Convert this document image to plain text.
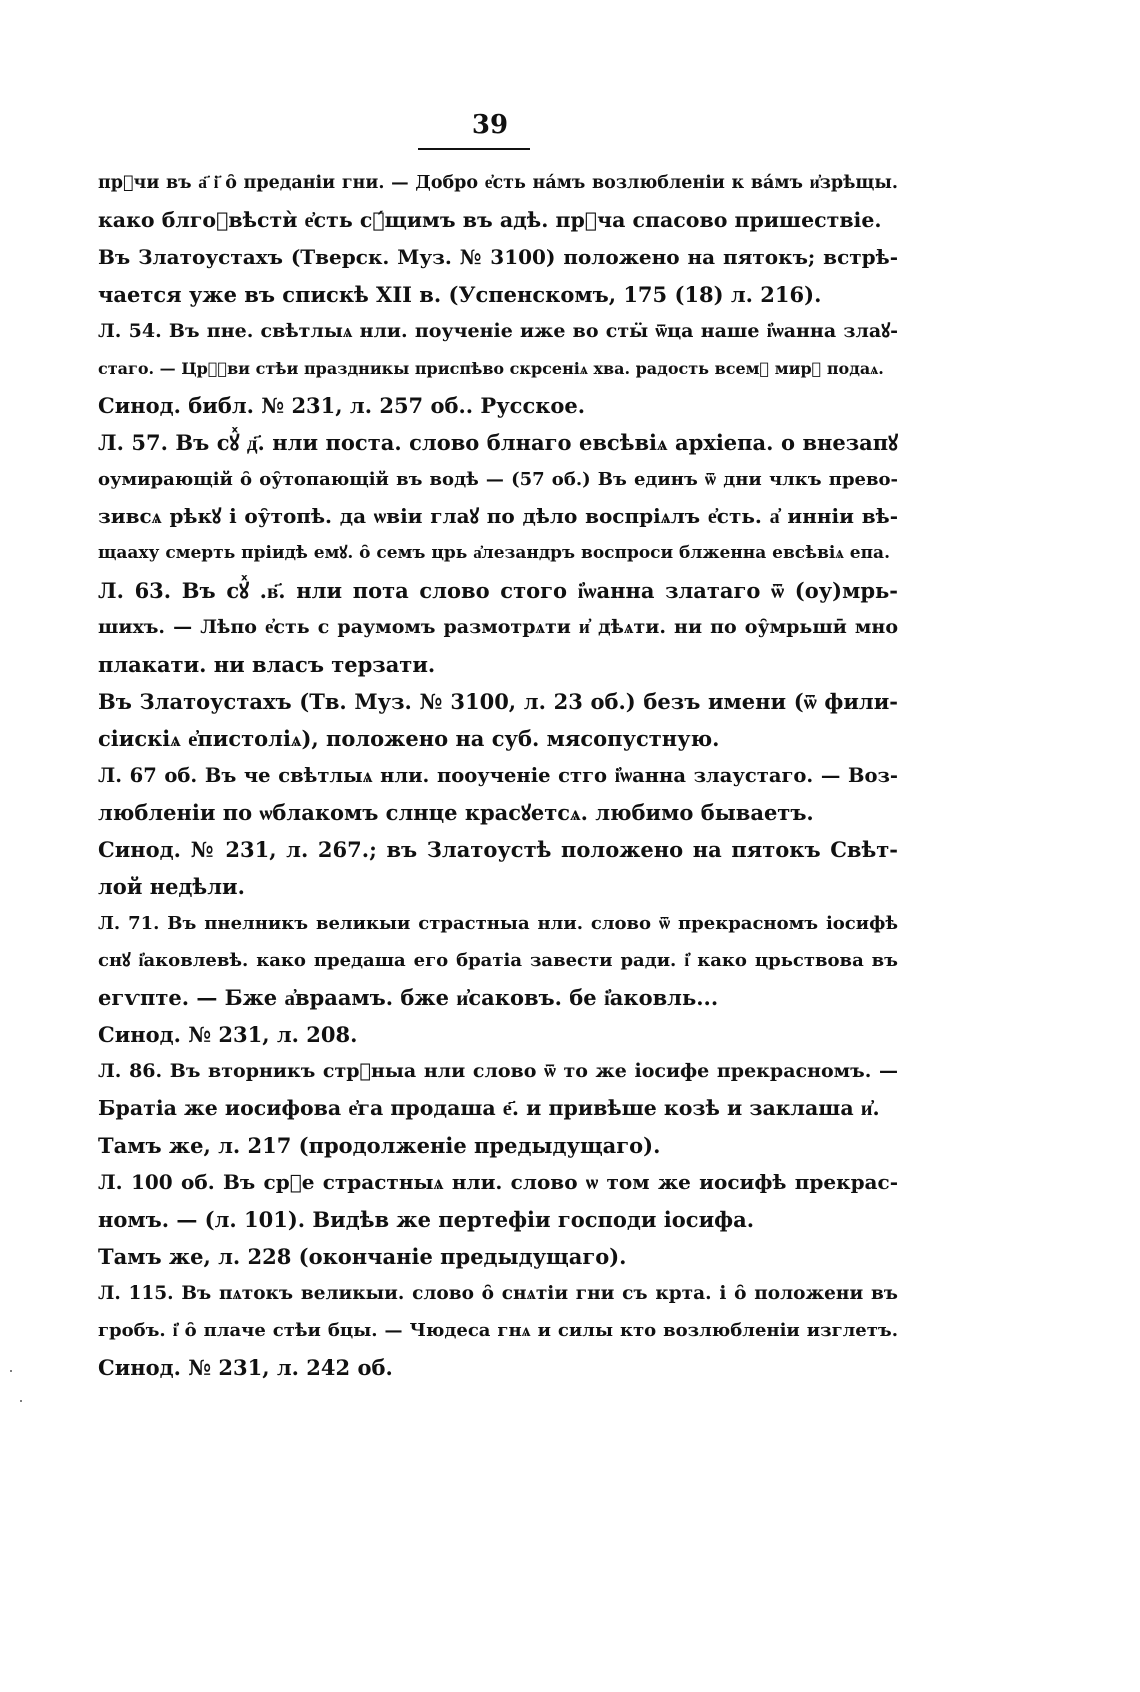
39
прⷮчи въ а҃ і҃ о̑ преданіи гни. — Добро е҆сть на́мъ возлюбленіи к ва́мъ и҆зрѣщы.
како блгоⷡвѣстѝ е҆сть сꙋ́щимъ въ адѣ. прⷮча спасово пришествіе.
Въ Златоустахъ (Тверск. Муз. № 3100) положено на пятокъ; встрѣ-
чается уже въ спискѣ XII в. (Успенскомъ, 175 (18) л. 216).
Л. 54. Въ пне. свѣтлыѧ нли. поученіе иже во стӹ ѿца наше і҆ѡанна злаꙋ-
стаго. — Црⷦ҇ви стѣи праздникы приспѣво скрсеніѧ хва. радость всемꙋ мирꙋ подаѧ.
Синод. библ. № 231, л. 257 об.. Русское.
Л. 57. Въ сꙋⷯ д҃. нли поста. слово блнаго евсѣвіѧ архіепа. о внезапꙋ
оумирающій о̑ оу̑топающій въ водѣ — (57 об.) Въ единъ ѿ дни члкъ прево-
зивсѧ рѣкꙋ і оу̑топѣ. да ѡвіи глаꙋ по дѣло воспріѧлъ е҆сть. а҆ инніи вѣ-
щааху смерть пріидѣ емꙋ. о̑ семъ црь а҆лезандръ воспроси блженна евсѣвіѧ епа.
Л. 63. Въ сꙋⷯ .в҃. нли пота слово стого і҆ѡанна златаго ѿ (оу)мрь-
шихъ. — Лѣпо е҆сть с раумомъ размотрѧти и҆ дѣѧти. ни по оу̑мрьшӣ мно
плакати. ни власъ терзати.
Въ Златоустахъ (Тв. Муз. № 3100, л. 23 об.) безъ имени (ѿ фили-
сіискіѧ е҆пистоліѧ), положено на суб. мясопустную.
Л. 67 об. Въ че свѣтлыѧ нли. пооученіе стго і҆ѡанна злаустаго. — Воз-
любленіи по ѡблакомъ слнце красꙋетсѧ. любимо бываетъ.
Синод. № 231, л. 267.; въ Златоустѣ положено на пятокъ Свѣт-
лой недѣли.
Л. 71. Въ пнелникъ великыи страстныа нли. слово ѿ прекрасномъ іосифѣ
снꙋ і҆аковлевѣ. како предаша его братіа завести ради. і҆ како црьствова въ
егѵпте. — Бже а҆враамъ. бже и҆саковъ. бе і҆аковль...
Синод. № 231, л. 208.
Л. 86. Въ вторникъ стрⷮныа нли слово ѿ то же іосифе прекрасномъ. —
Братіа же иосифова е҆га продаша е҃. и привѣше козѣ и заклаша и҆.
Тамъ же, л. 217 (продолженіе предыдущаго).
Л. 100 об. Въ срⷣе страстныѧ нли. слово ѡ том же иосифѣ прекрас-
номъ. — (л. 101). Видѣв же пертефіи господи іосифа.
Тамъ же, л. 228 (окончаніе предыдущаго).
Л. 115. Въ пѧтокъ великыи. слово о̑ снѧтіи гни съ крта. і о̑ положени въ
гробъ. і҆ о̑ плаче стѣи бцы. — Чюдеса гнѧ и силы кто возлюбленіи изглетъ.
Синод. № 231, л. 242 об.
